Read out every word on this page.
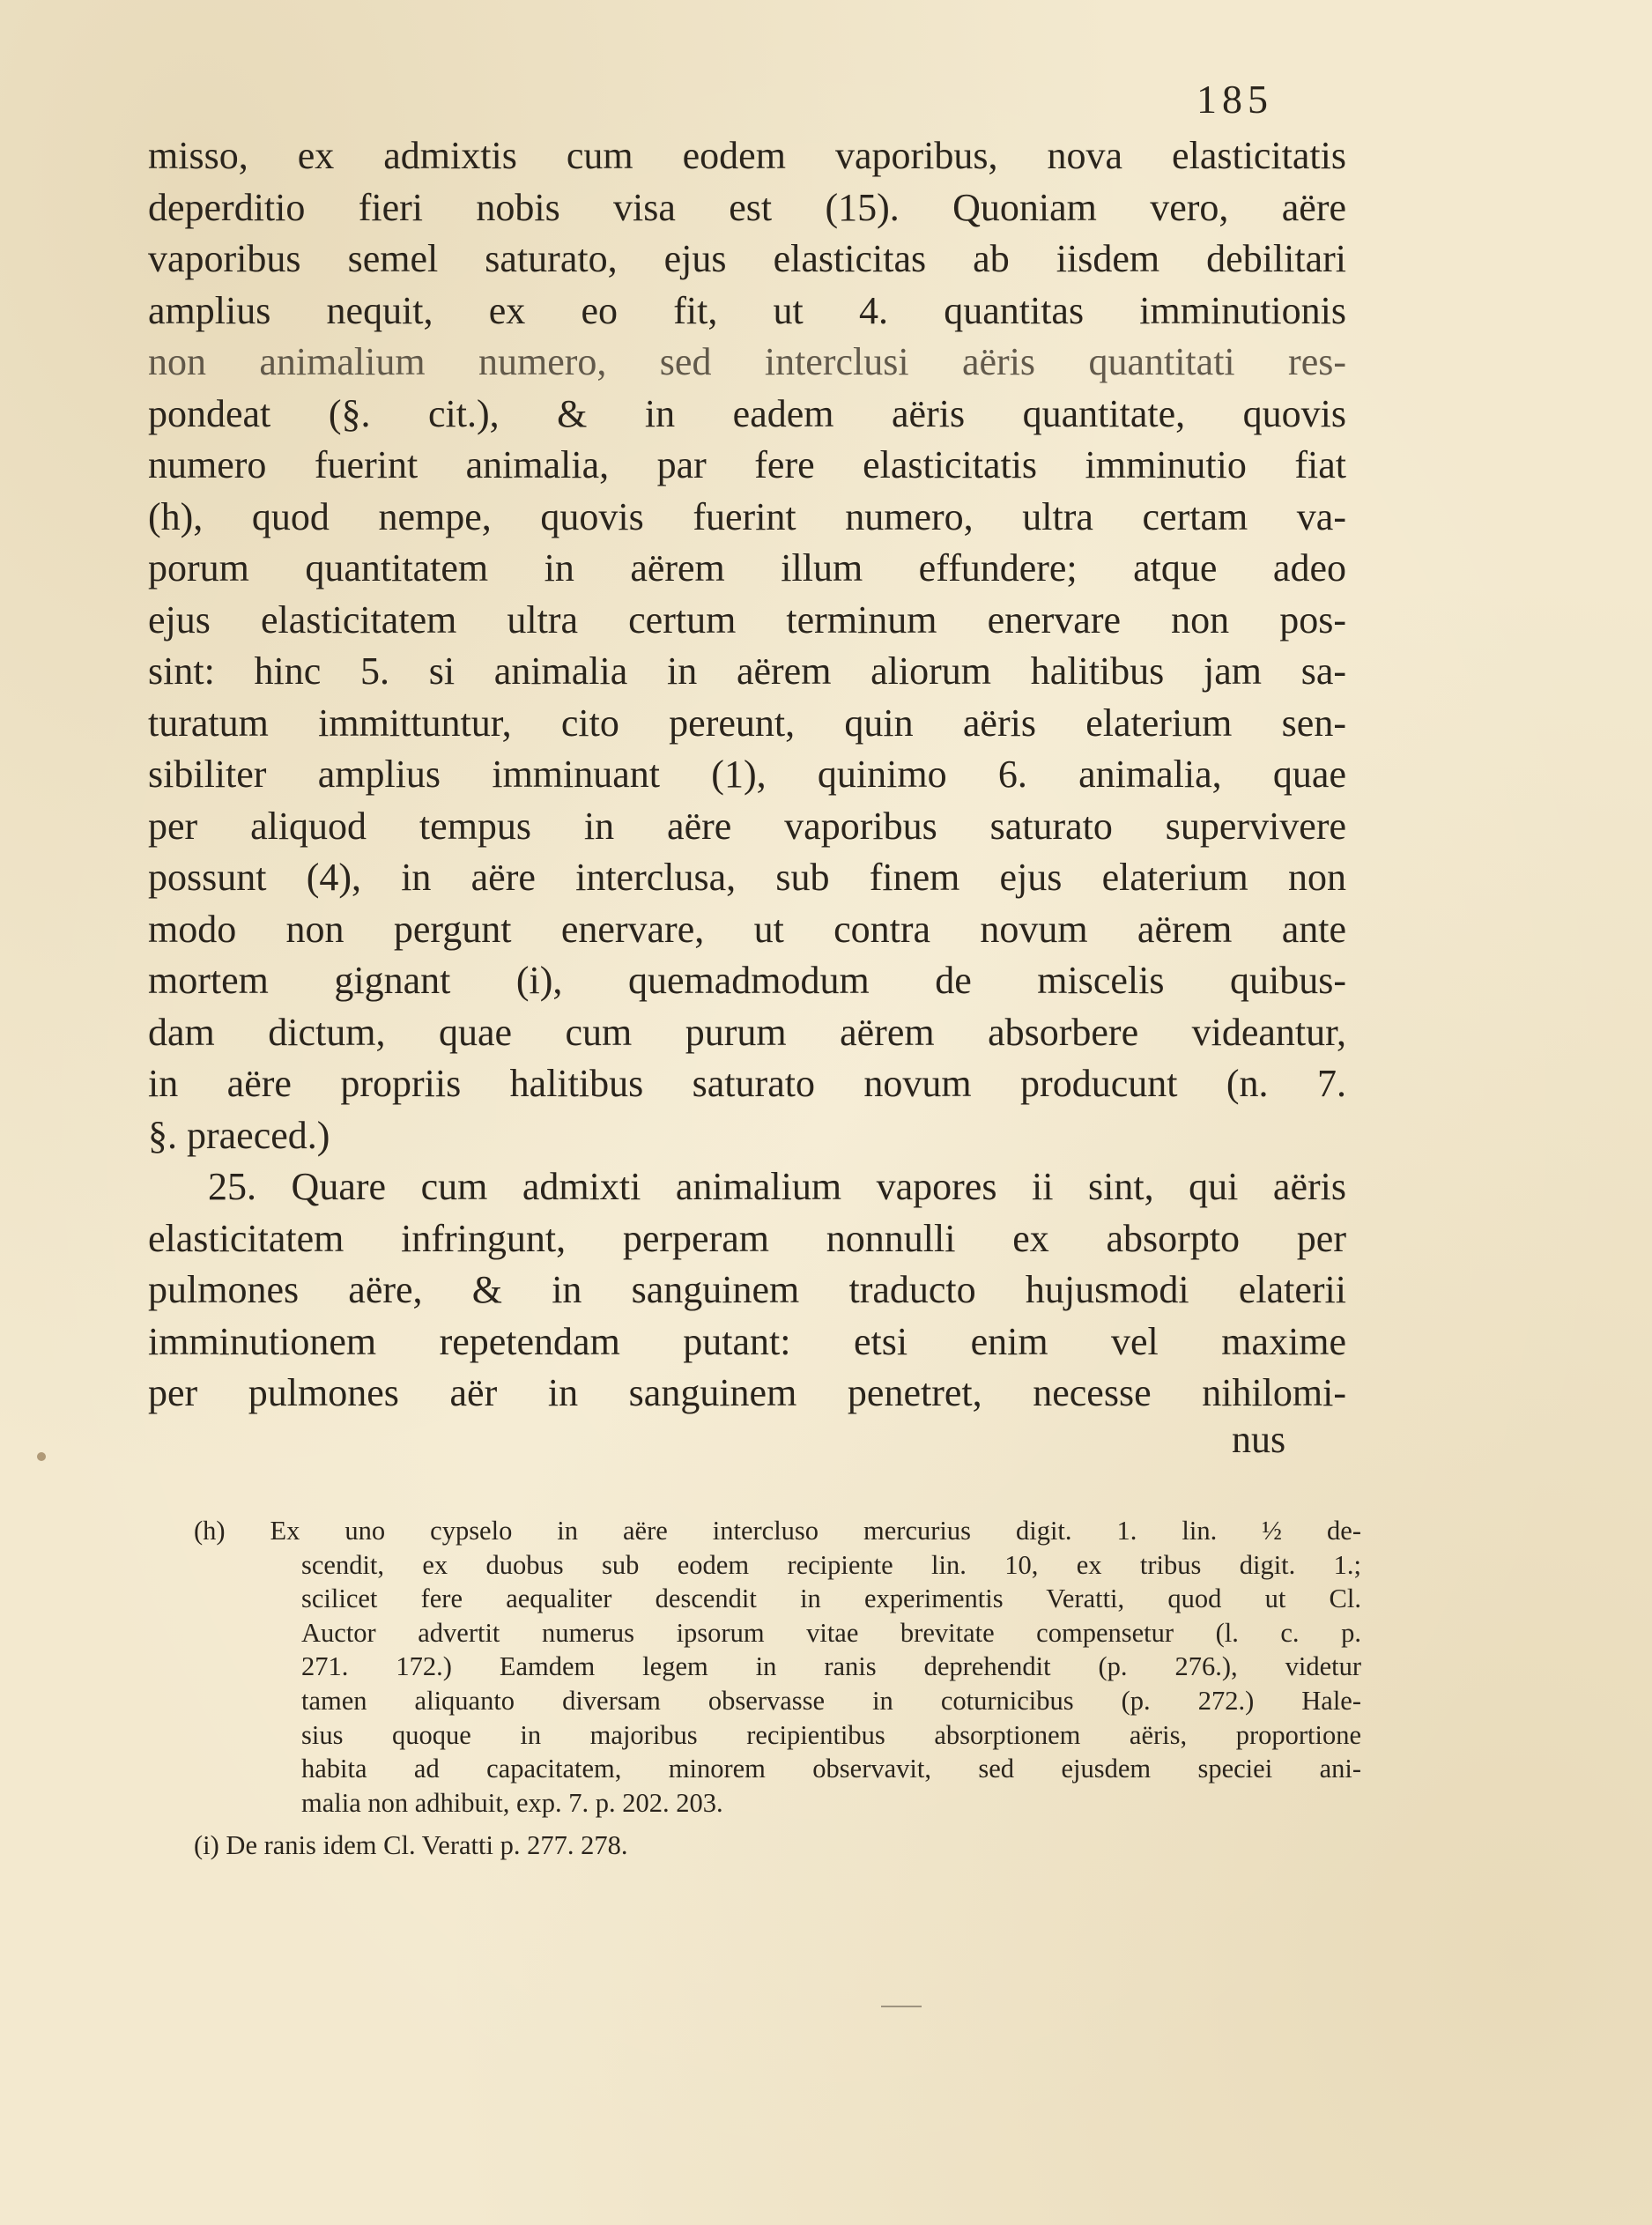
185
misso, ex admixtis cum eodem vaporibus, nova elasticitatis
deperditio fieri nobis visa est (15). Quoniam vero, aëre
vaporibus semel saturato, ejus elasticitas ab iisdem debilitari
amplius nequit, ex eo fit, ut 4. quantitas imminutionis
non animalium numero, sed interclusi aëris quantitati res-
pondeat (§. cit.), & in eadem aëris quantitate, quovis
numero fuerint animalia, par fere elasticitatis imminutio fiat
(h), quod nempe, quovis fuerint numero, ultra certam va-
porum quantitatem in aërem illum effundere; atque adeo
ejus elasticitatem ultra certum terminum enervare non pos-
sint: hinc 5. si animalia in aërem aliorum halitibus jam sa-
turatum immittuntur, cito pereunt, quin aëris elaterium sen-
sibiliter amplius imminuant (1), quinimo 6. animalia, quae
per aliquod tempus in aëre vaporibus saturato supervivere
possunt (4), in aëre interclusa, sub finem ejus elaterium non
modo non pergunt enervare, ut contra novum aërem ante
mortem gignant (i), quemadmodum de miscelis quibus-
dam dictum, quae cum purum aërem absorbere videantur,
in aëre propriis halitibus saturato novum producunt (n. 7.
§. praeced.)
25. Quare cum admixti animalium vapores ii sint, qui aëris
elasticitatem infringunt, perperam nonnulli ex absorpto per
pulmones aëre, & in sanguinem traducto hujusmodi elaterii
imminutionem repetendam putant: etsi enim vel maxime
per pulmones aër in sanguinem penetret, necesse nihilomi-
nus
(h) Ex uno cypselo in aëre intercluso mercurius digit. 1. lin. ½ de-
scendit, ex duobus sub eodem recipiente lin. 10, ex tribus digit. 1.;
scilicet fere aequaliter descendit in experimentis Veratti, quod ut Cl.
Auctor advertit numerus ipsorum vitae brevitate compensetur (l. c. p.
271. 172.) Eamdem legem in ranis deprehendit (p. 276.), videtur
tamen aliquanto diversam observasse in coturnicibus (p. 272.) Hale-
sius quoque in majoribus recipientibus absorptionem aëris, proportione
habita ad capacitatem, minorem observavit, sed ejusdem speciei ani-
malia non adhibuit, exp. 7. p. 202. 203.
(i) De ranis idem Cl. Veratti p. 277. 278.
